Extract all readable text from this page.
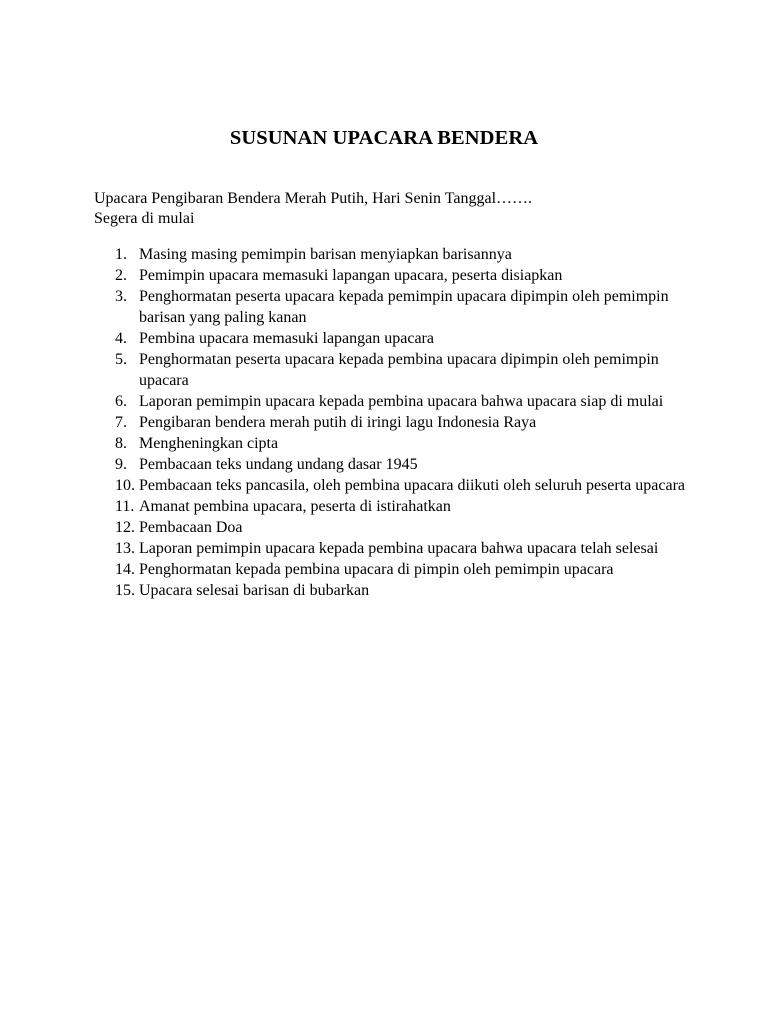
SUSUNAN UPACARA BENDERA

Upacara Pengibaran Bendera Merah Putih, Hari Senin Tanggal…….
Segera di mulai

1. Masing masing pemimpin barisan menyiapkan barisannya
2. Pemimpin upacara memasuki lapangan upacara, peserta disiapkan
3. Penghormatan peserta upacara kepada pemimpin upacara dipimpin oleh pemimpin barisan yang paling kanan
4. Pembina upacara memasuki lapangan upacara
5. Penghormatan peserta upacara kepada pembina upacara dipimpin oleh pemimpin upacara
6. Laporan pemimpin upacara kepada pembina upacara bahwa upacara siap di mulai
7. Pengibaran bendera merah putih di iringi lagu Indonesia Raya
8. Mengheningkan cipta
9. Pembacaan teks undang undang dasar 1945
10. Pembacaan teks pancasila, oleh pembina upacara diikuti oleh seluruh peserta upacara
11. Amanat pembina upacara, peserta di istirahatkan
12. Pembacaan Doa
13. Laporan pemimpin upacara kepada pembina upacara bahwa upacara telah selesai
14. Penghormatan kepada pembina upacara di pimpin oleh pemimpin upacara
15. Upacara selesai barisan di bubarkan
